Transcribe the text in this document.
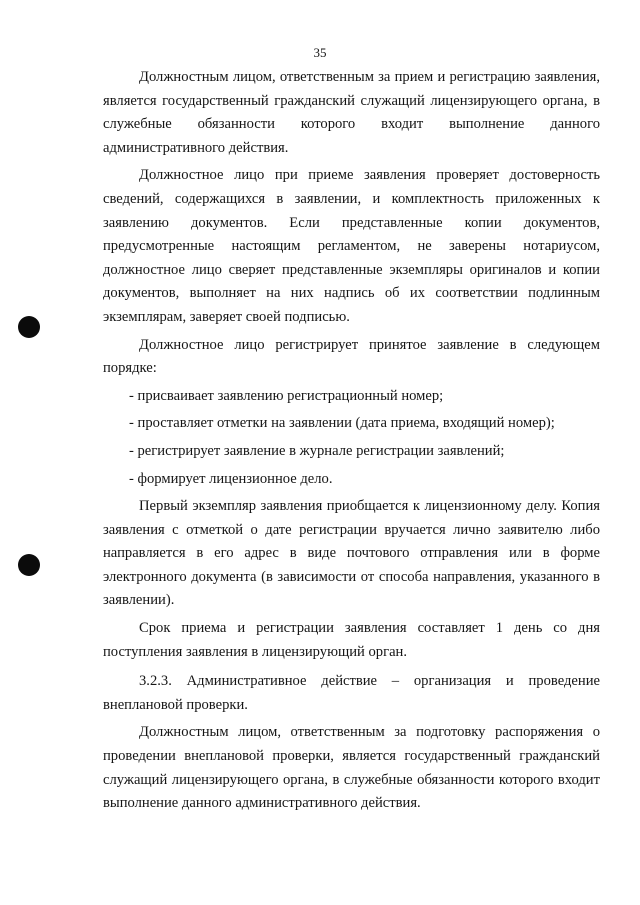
35

Должностным лицом, ответственным за прием и регистрацию заявления, является государственный гражданский служащий лицензирующего органа, в служебные обязанности которого входит выполнение данного административного действия.

Должностное лицо при приеме заявления проверяет достоверность сведений, содержащихся в заявлении, и комплектность приложенных к заявлению документов. Если представленные копии документов, предусмотренные настоящим регламентом, не заверены нотариусом, должностное лицо сверяет представленные экземпляры оригиналов и копии документов, выполняет на них надпись об их соответствии подлинным экземплярам, заверяет своей подписью.

Должностное лицо регистрирует принятое заявление в следующем порядке:

- присваивает заявлению регистрационный номер;

- проставляет отметки на заявлении (дата приема, входящий номер);

- регистрирует заявление в журнале регистрации заявлений;

- формирует лицензионное дело.

Первый экземпляр заявления приобщается к лицензионному делу. Копия заявления с отметкой о дате регистрации вручается лично заявителю либо направляется в его адрес в виде почтового отправления или в форме электронного документа (в зависимости от способа направления, указанного в заявлении).

Срок приема и регистрации заявления составляет 1 день со дня поступления заявления в лицензирующий орган.

3.2.3. Административное действие – организация и проведение внеплановой проверки.

Должностным лицом, ответственным за подготовку распоряжения о проведении внеплановой проверки, является государственный гражданский служащий лицензирующего органа, в служебные обязанности которого входит выполнение данного административного действия.
